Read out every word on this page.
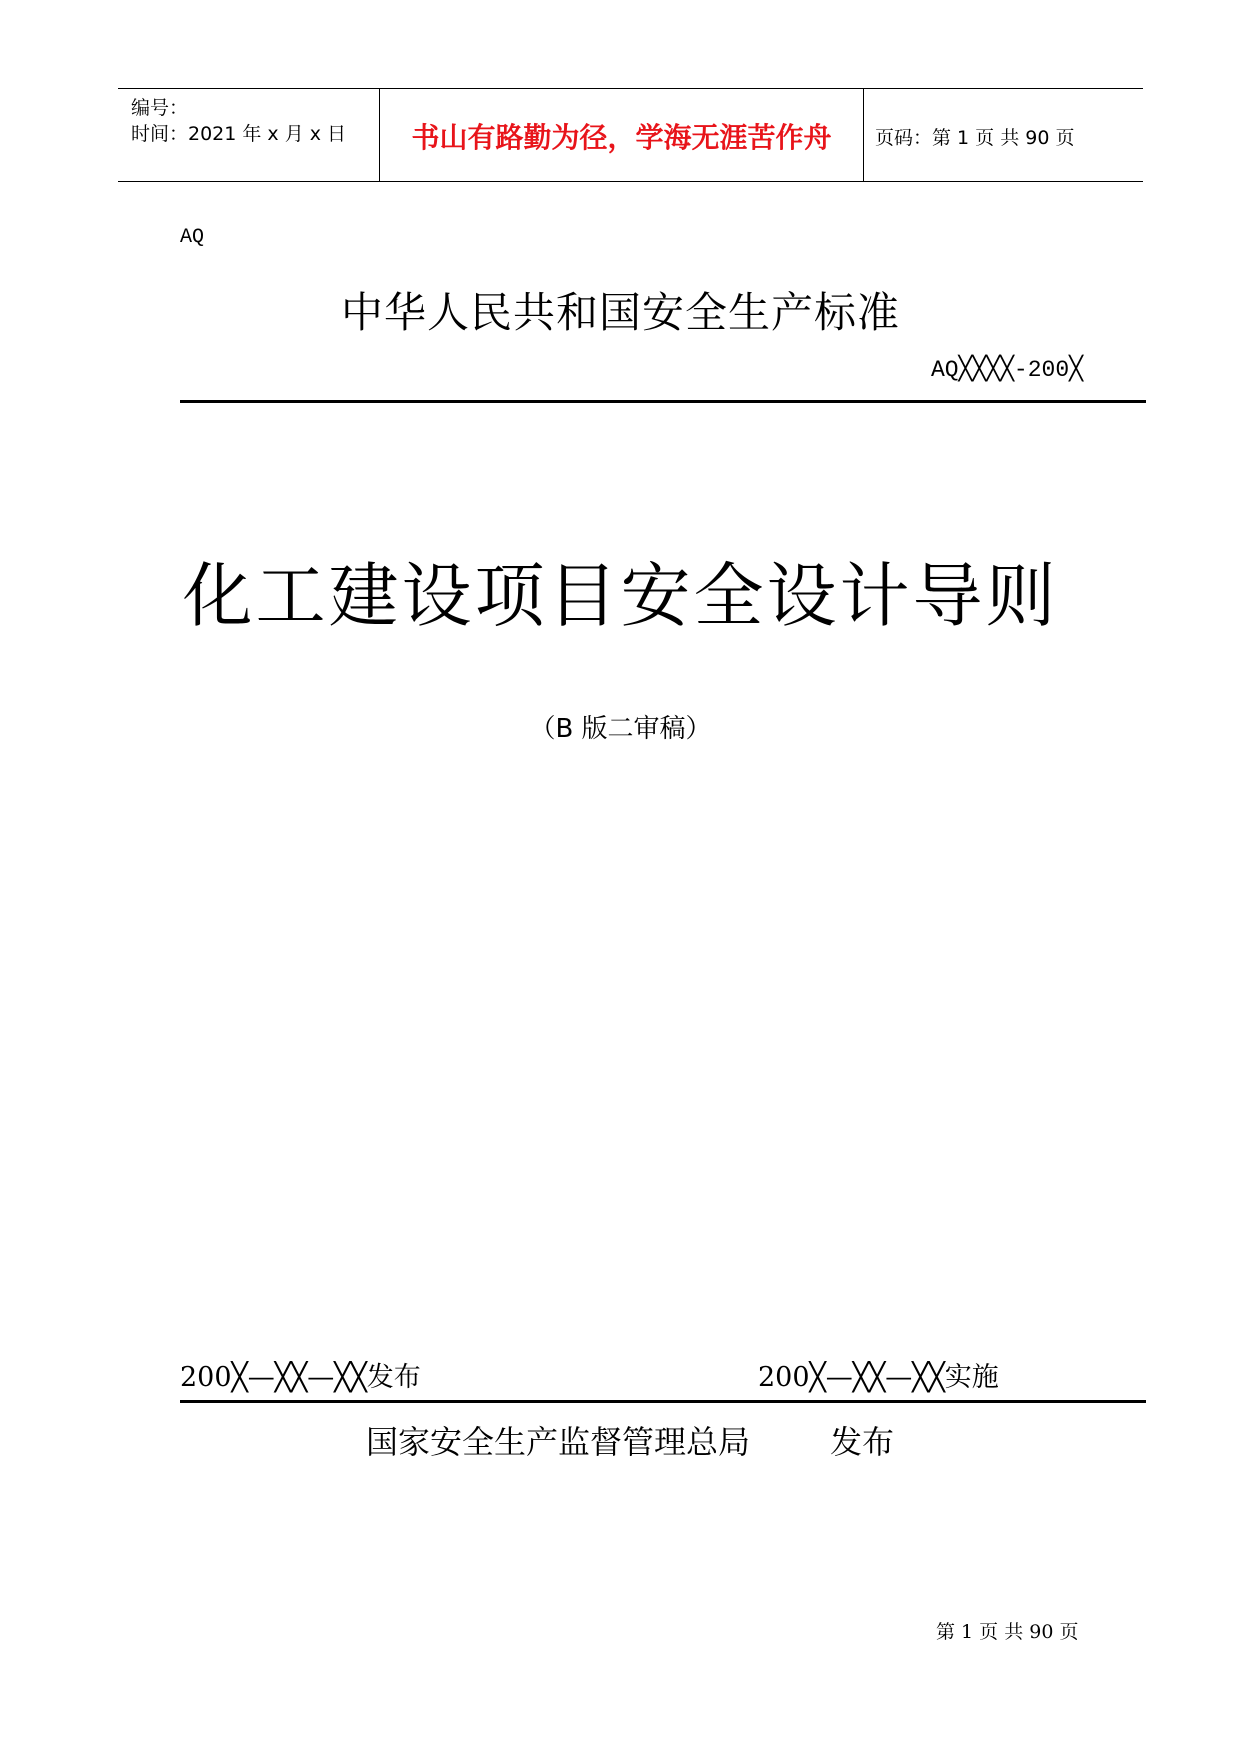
编号：
时间：2021 年 x 月 x 日	书山有路勤为径，学海无涯苦作舟	页码：第 1 页 共 90 页
AQ
中华人民共和国安全生产标准
AQ╳╳╳╳-200╳
化工建设项目安全设计导则
（B 版二审稿）
200╳—╳╳—╳╳发布	200╳—╳╳—╳╳实施
国家安全生产监督管理总局 发布
第 1 页 共 90 页
